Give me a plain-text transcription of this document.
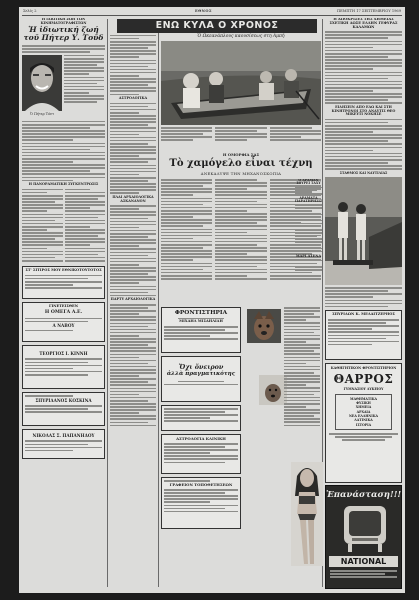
Σελίς 2	ΕΘΝΟΣ	ΠΕΜΠΤΗ 17 ΣΕΠΤΕΜΒΡΙΟΥ 1969
Η ΙΔΙΩΤΙΚΗ ΖΩΗ ΤΩΝ ΚΙΝΗΜΑΤΟΓΡΑΦΙΣΤΩΝ
Ἡ ἰδιωτική ζωή τοῦ Πήτερ Υ. Τοῦδ
Ὁ Πήτερ Τόντ
Η ΠΑΝΟΡΑΜΑΤΙΚΗ ΣΥΓΚΕΝΤΡΩΣΙΣ
ΣΤ' ΣΙΤΙΡΟΣ ΜΟΥ ΕΘΝΙΚΟΤΟΥΤΟΤΟΣ
ΓΙΝΕΤΕΙΣΘΕΝ
Η ΟΜΕΓΑ Α.Ε.
Α ΝΑΒΟΥ
ΤΕΟΡΓΙΟΣ Ι. ΚΙΝΝΗ
ΣΠΥΡΙΔΑΝΟΣ ΚΟΣΚΙΝΑ
ΝΙΚΟΛΑΣ Σ. ΠΑΠΑΝΗΔΟΥ
ΑΣΤΡΟΛΟΓΙΚΑ
ΠΛΑΙ ΑΡΧΑΙΟΛΟΓΙΚΑ ΑΣΚΑΝΑΝΟΝ
ΠΑΡΤΥ ΑΡΧΑΙΟΛΟΓΙΚΑ
ΕΝΩ ΚΥΛΑ Ο ΧΡΟΝΟΣ
Ὁ Ωκεανάπλους καουσίσεως στη Αμπή
Η ΟΜΟΡΦΙΑ ΣΑΣ
Τὸ χαμόγελο εἶναι τέχνη
ΑΝΕΚΑΛΥΨΕ ΤΗΝ ΜΗΧΑΝΟΣΚΟΠΙΑ
ΦΡΟΝΤΙΣΤΗΡΙΑ
ΜΙΧΑΗΛ ΜΙΣΑΗΛΙΔΗ
Ὄχι ὄνειρον
ἀλλὰ πραγματικότης
ΑΣΤΡΟΛΟΓΙΑ ΚΛΙΝΙΚΗ
ΓΡΑΦΕΙΟΝ ΤΟΠΟΘΕΤΗΣΕΩΝ
Ο ΔΡΑΜΑΝ ΣΟΥΡΕΙ ΤΑΧΥ
ΔΡΑΜΑΤΑ ΠΑΡΑΤΗΡΗΣΙΣ
ΜΑΡΙ ΑΤΕΝΑ
Η ΑΠΟΚΡΙΣΕΣ ΤΗΣ ΧΗΜΕΙΑΣ ΣΧΕΤΙΚΗ ΔΩΣΕ ΕΛΛΗΝ ΓΕΦΥΡΑΣ ΚΑΛΑΜΩΝ
ΕΙΔΗΣΕΙΝ ΑΠΟ ΕΔΩ ΚΑΙ ΣΤΗ ΚΙΝΗΤΡΟΝΟΙ ΣΤΟ ΑΝΑΥΤΙΣ ΘΕΟ ΜΙΚΕΥΤΙ ΝΟΚΗΣΕ
ΣΤΑΘΜΟΣ ΚΑΙ ΝΑΥΤΙΛΙΑΣ
ΣΠΥΡΙΔΩΝ Κ. ΜΕΛΑΙΤΖΕΡΗΟΣ
ΚΑΘΗΓΗΤΙΚΟΝ ΦΡΟΝΤΙΣΤΗΡΙΟΝ
ΘΑΡΡΟΣ
ΓΥΜΝΑΣΙΟΥ ΛΥΚΕΙΟΥ
ΜΑΘΗΜΑΤΙΚΑ
ΦΥΣΙΚΗ
ΧΗΜΕΙΑ
ΑΡΧΑΙΑ
ΝΕΑ ΕΛΛΗΝΙΚΑ
ΛΑΤΙΝΙΚΑ
ΙΣΤΟΡΙΑ
Ἐπανάσταση!!!
NATIONAL
